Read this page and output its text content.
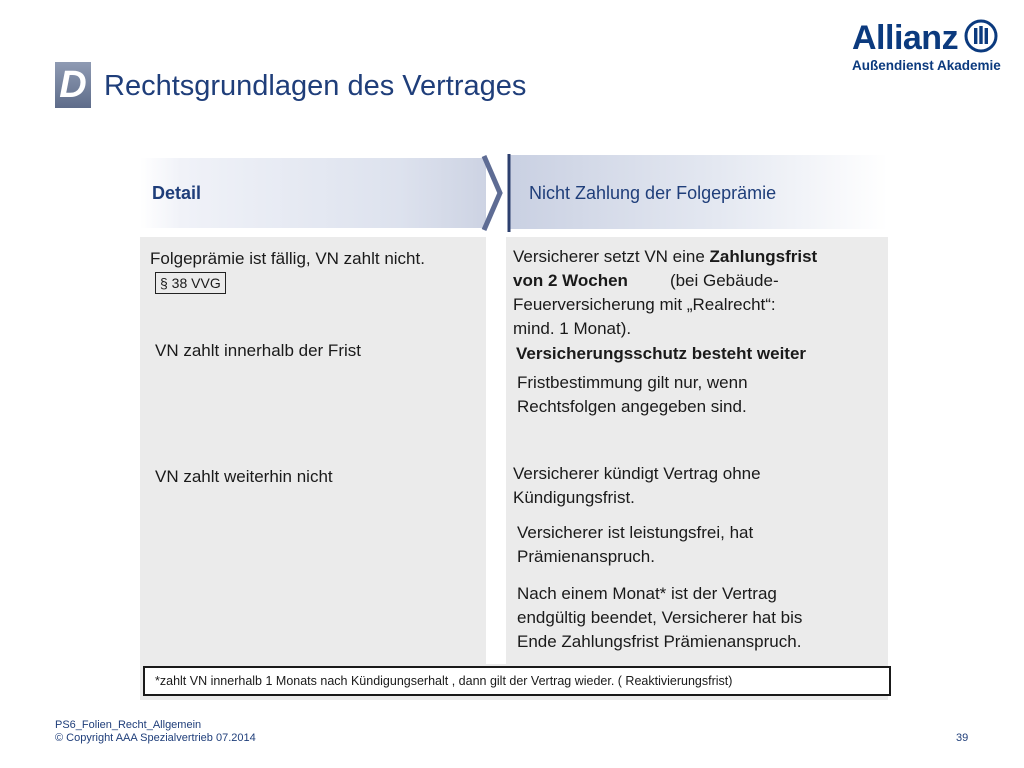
D Rechtsgrundlagen des Vertrages
Allianz
Außendienst Akademie
Detail	Nicht Zahlung der Folgeprämie
Folgeprämie ist fällig, VN zahlt nicht.
§ 38 VVG
VN zahlt innerhalb der Frist
VN zahlt weiterhin nicht
Versicherer setzt VN eine Zahlungsfrist
von 2 Wochen (bei Gebäude-
Feuerversicherung mit „Realrecht“:
mind. 1 Monat).
Versicherungsschutz besteht weiter
Fristbestimmung gilt nur, wenn
Rechtsfolgen angegeben sind.
Versicherer kündigt Vertrag ohne
Kündigungsfrist.
Versicherer ist leistungsfrei, hat
Prämienanspruch.
Nach einem Monat* ist der Vertrag
endgültig beendet, Versicherer hat bis
Ende Zahlungsfrist Prämienanspruch.
*zahlt VN innerhalb 1 Monats nach Kündigungserhalt , dann gilt der Vertrag wieder. ( Reaktivierungsfrist)
PS6_Folien_Recht_Allgemein
© Copyright AAA Spezialvertrieb 07.2014	39
